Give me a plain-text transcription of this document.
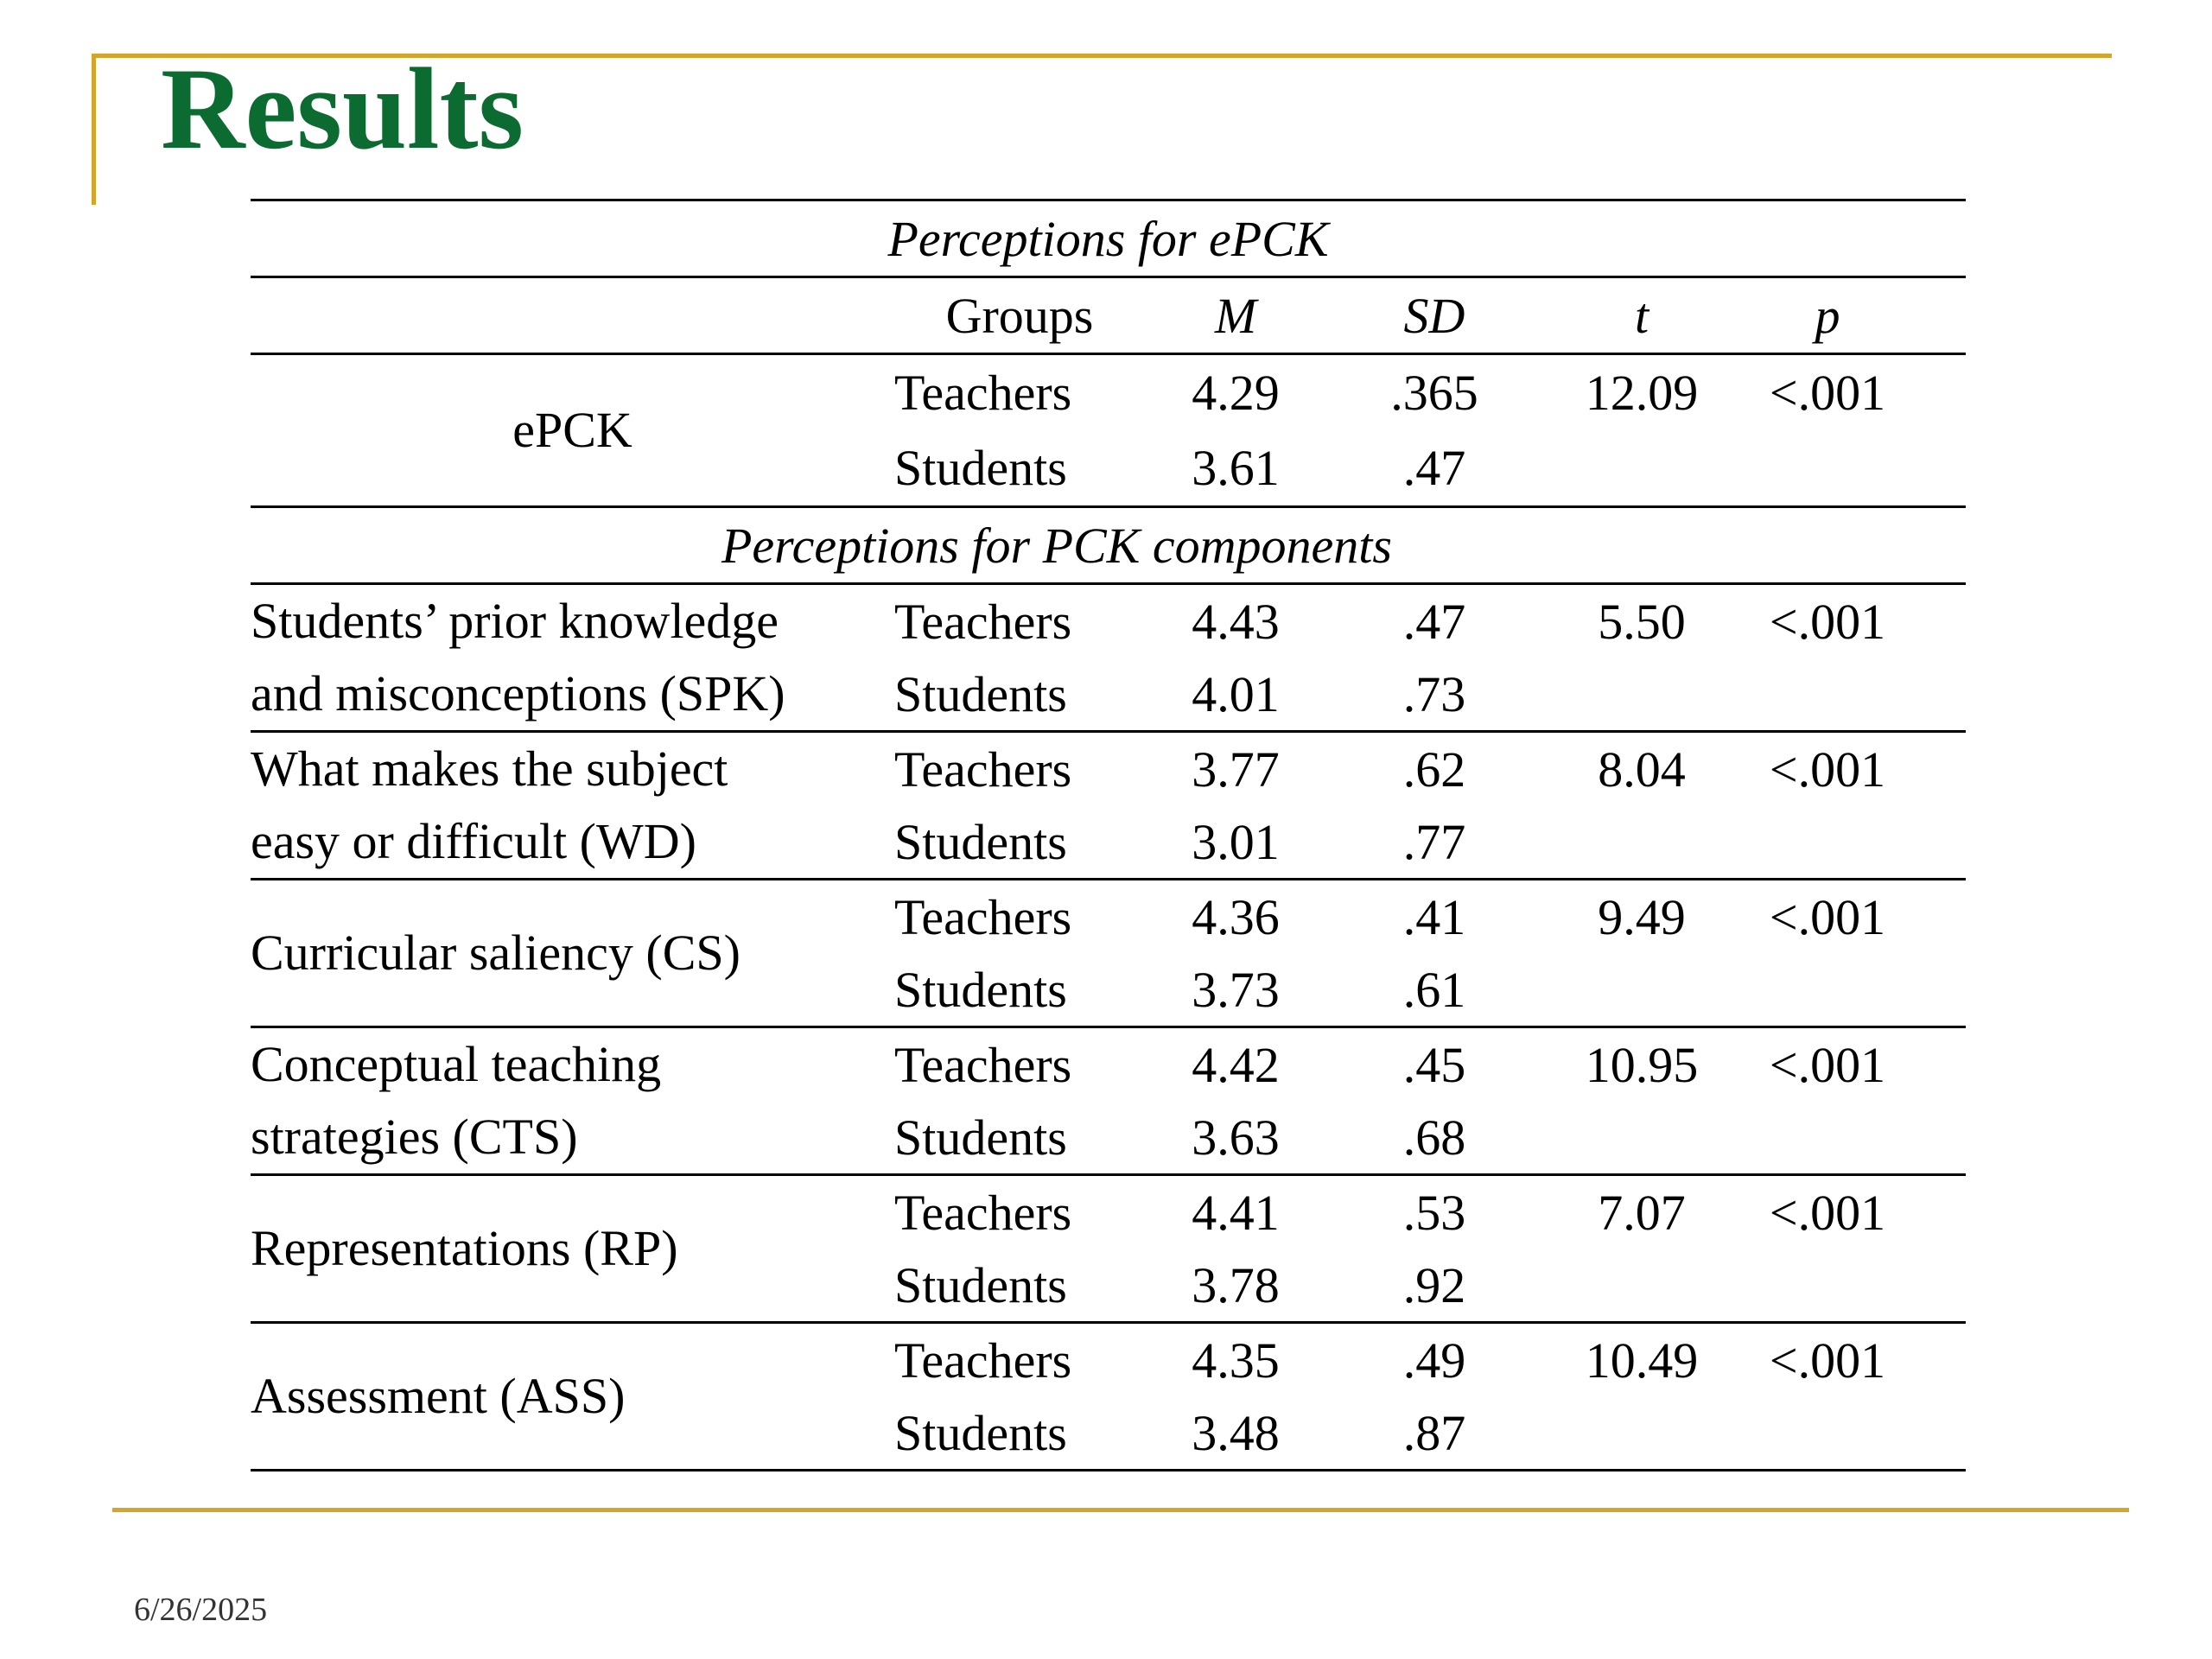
Results
Perceptions for ePCK
Groups	M	SD	t	p
ePCK
Teachers	4.29	.365	12.09	<.001
Students	3.61	.47
Perceptions for PCK components
Students’ prior knowledge
and misconceptions (SPK)
Teachers	4.43	.47	5.50	<.001
Students	4.01	.73
What makes the subject
easy or difficult (WD)
Teachers	3.77	.62	8.04	<.001
Students	3.01	.77
Curricular saliency (CS)
Teachers	4.36	.41	9.49	<.001
Students	3.73	.61
Conceptual teaching
strategies (CTS)
Teachers	4.42	.45	10.95	<.001
Students	3.63	.68
Representations (RP)
Teachers	4.41	.53	7.07	<.001
Students	3.78	.92
Assessment (ASS)
Teachers	4.35	.49	10.49	<.001
Students	3.48	.87
6/26/2025
